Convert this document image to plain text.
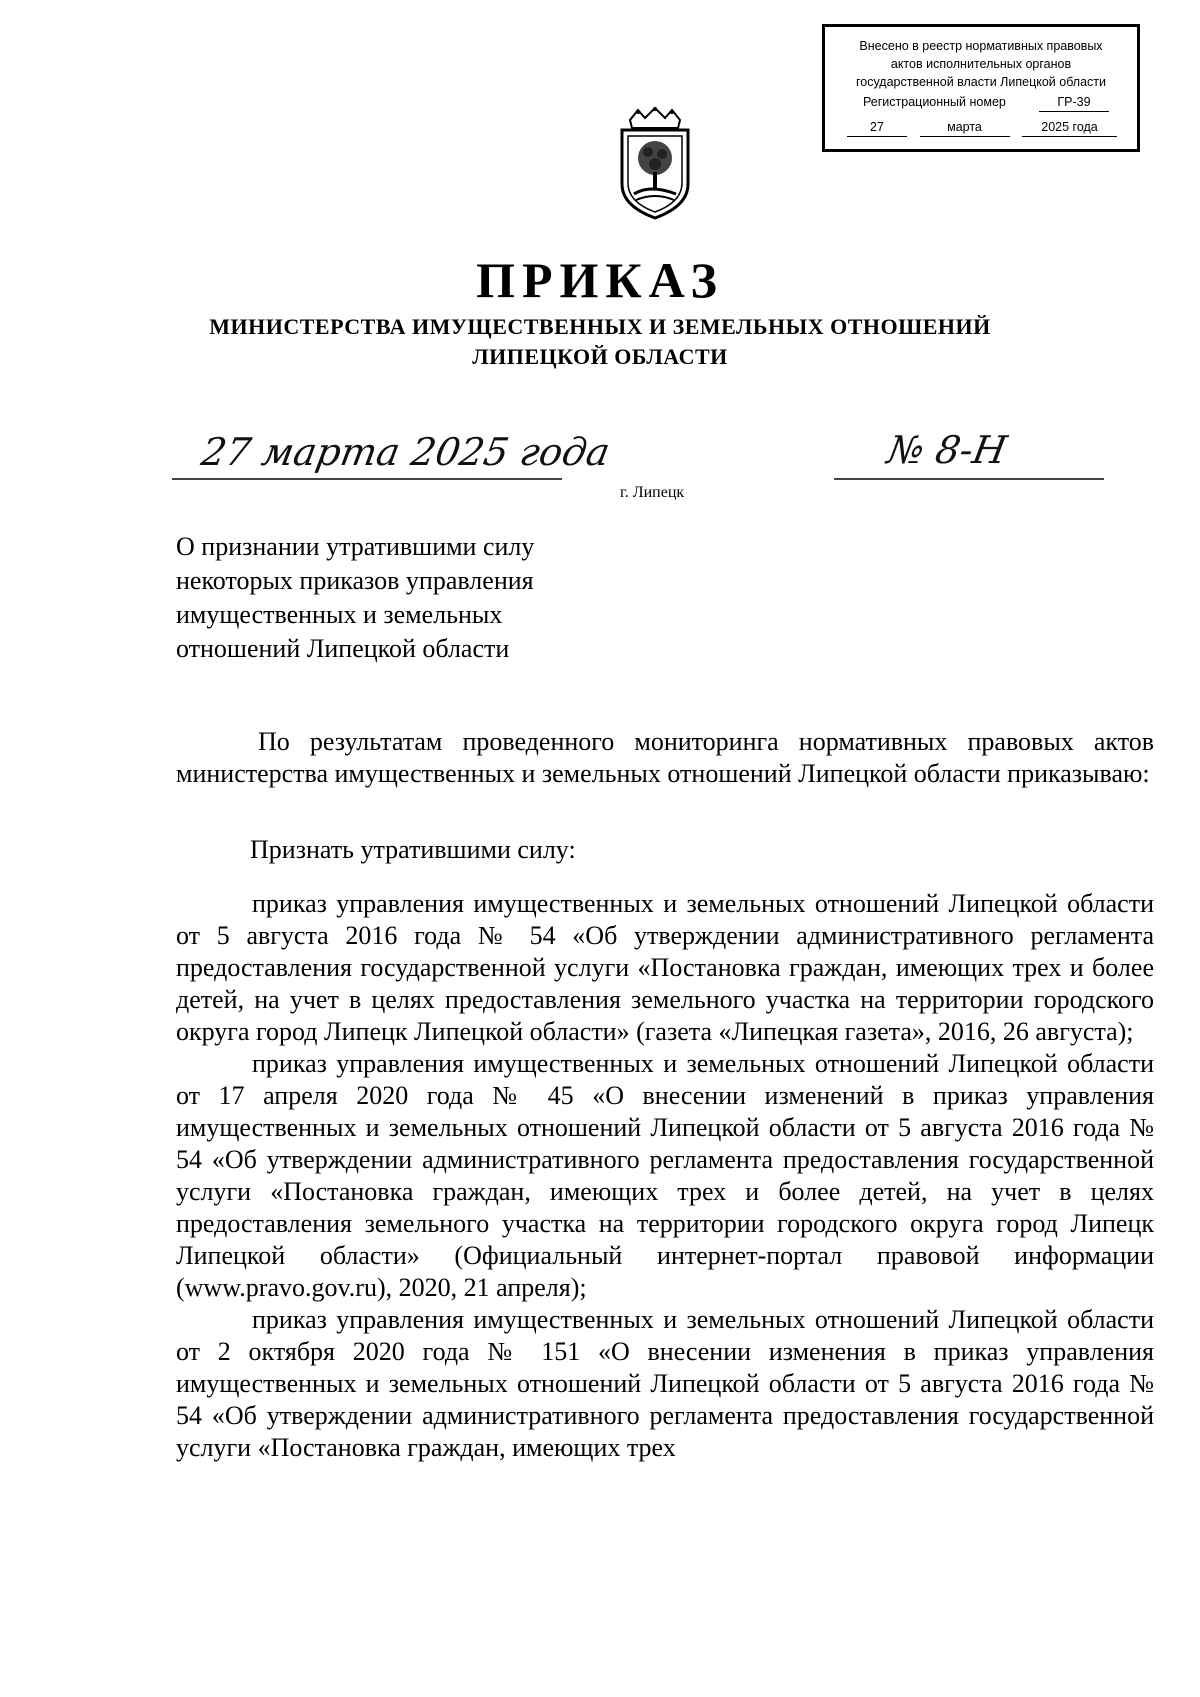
Внесено в реестр нормативных правовых
актов исполнительных органов
государственной власти Липецкой области
Регистрационный номер	ГР-39
27	марта	2025 года
ПРИКАЗ
МИНИСТЕРСТВА ИМУЩЕСТВЕННЫХ И ЗЕМЕЛЬНЫХ ОТНОШЕНИЙ
ЛИПЕЦКОЙ ОБЛАСТИ
27 марта 2025 года
г. Липецк
№ 8-Н
О признании утратившими силу некоторых приказов управления имущественных и земельных отношений Липецкой области

По результатам проведенного мониторинга нормативных правовых актов министерства имущественных и земельных отношений Липецкой области приказываю:

Признать утратившими силу:

приказ управления имущественных и земельных отношений Липецкой области от 5 августа 2016 года № 54 «Об утверждении административного регламента предоставления государственной услуги «Постановка граждан, имеющих трех и более детей, на учет в целях предоставления земельного участка на территории городского округа город Липецк Липецкой области» (газета «Липецкая газета», 2016, 26 августа);

приказ управления имущественных и земельных отношений Липецкой области от 17 апреля 2020 года № 45 «О внесении изменений в приказ управления имущественных и земельных отношений Липецкой области от 5 августа 2016 года № 54 «Об утверждении административного регламента предоставления государственной услуги «Постановка граждан, имеющих трех и более детей, на учет в целях предоставления земельного участка на территории городского округа город Липецк Липецкой области» (Официальный интернет-портал правовой информации (www.pravo.gov.ru), 2020, 21 апреля);

приказ управления имущественных и земельных отношений Липецкой области от 2 октября 2020 года № 151 «О внесении изменения в приказ управления имущественных и земельных отношений Липецкой области от 5 августа 2016 года № 54 «Об утверждении административного регламента предоставления государственной услуги «Постановка граждан, имеющих трех
